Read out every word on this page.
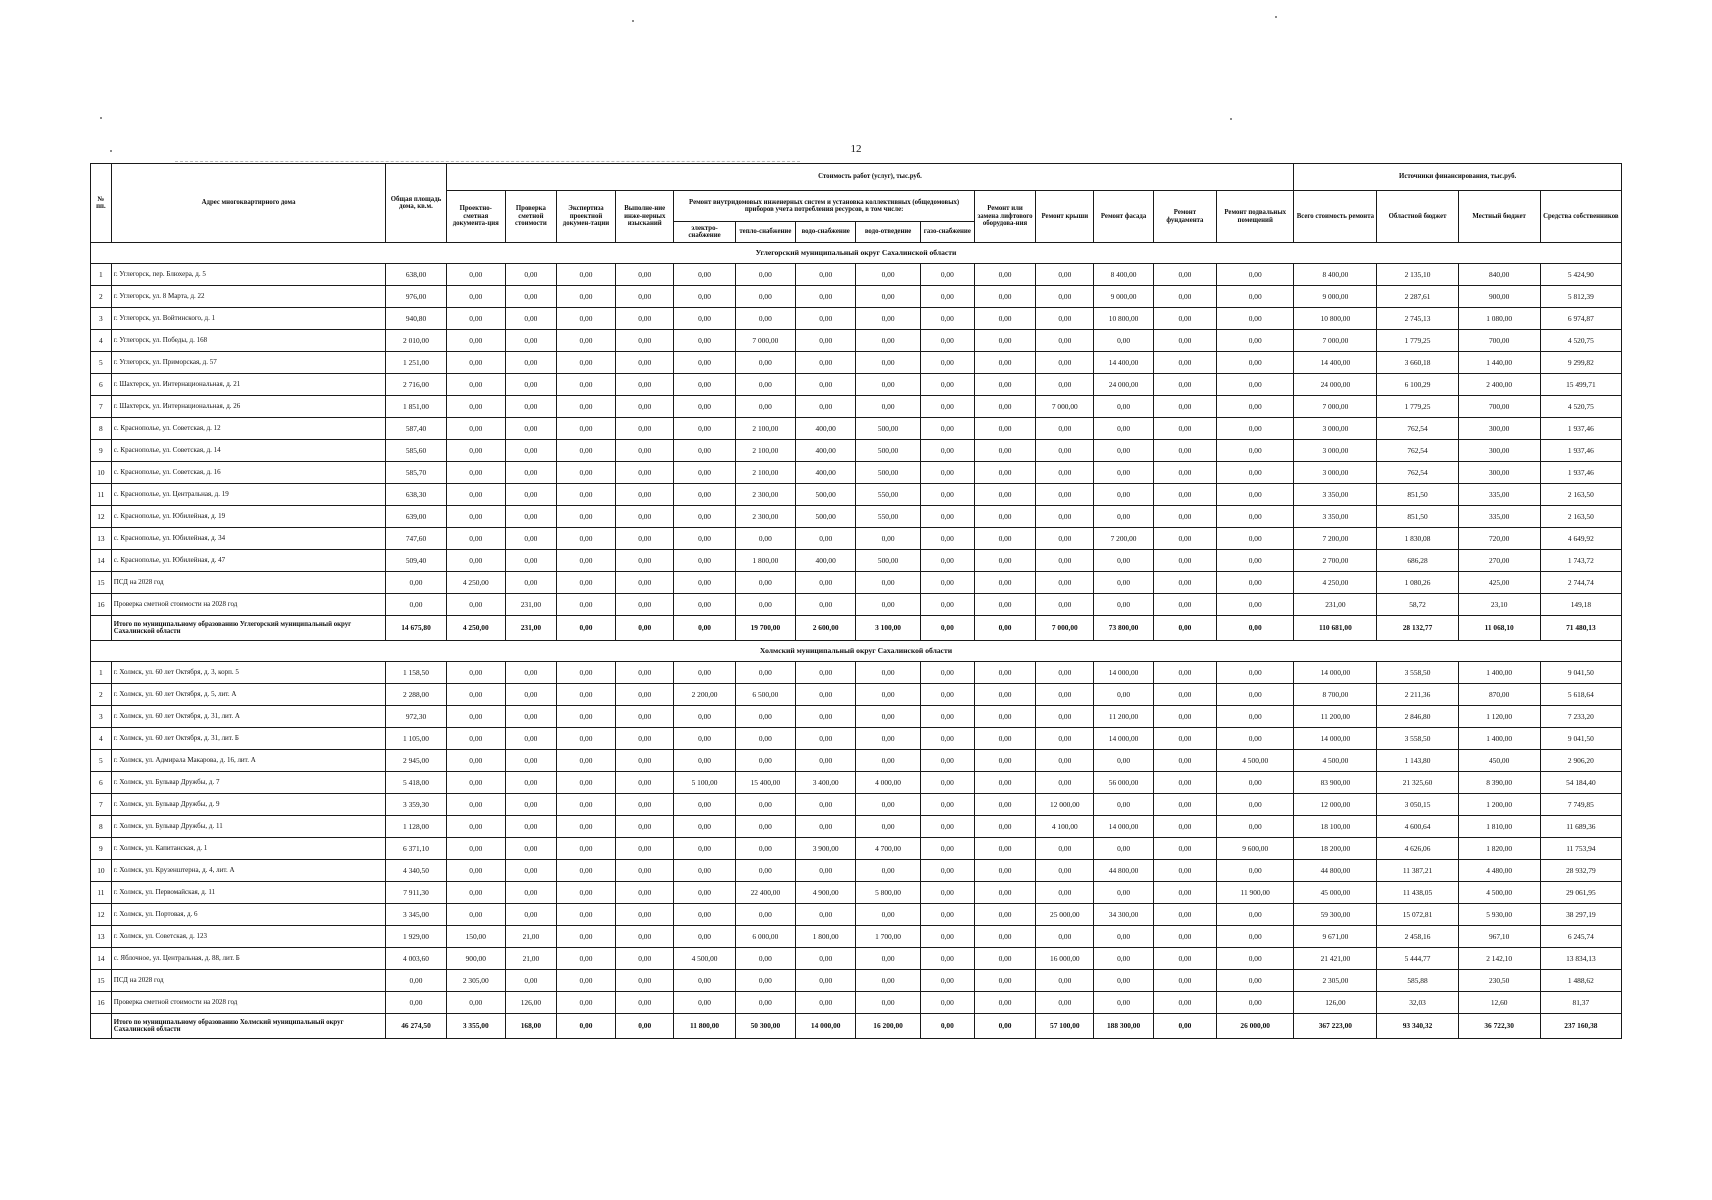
12
№ пп.	Адрес многоквартирного дома	Общая площадь дома, кв.м.	Стоимость работ (услуг), тыс.руб.														Источники финансирования, тыс.руб.			
			Проектно-сметная документа-ция	Проверка сметной стоимости	Экспертиза проектной докумен-тации	Выполне-ние инже-нерных изысканий	Ремонт внутридомовых инженерных систем и установка коллективных (общедомовых) приборов учета потребления ресурсов, в том числе:					Ремонт или замена лифтового оборудова-ния	Ремонт крыши	Ремонт фасада	Ремонт фундамента	Ремонт подвальных помещений	Всего стоимость ремонта	Областной бюджет	Местный бюджет	Средства собственников
							электро-снабжение	тепло-снабжение	водо-снабжение	водо-отведение	газо-снабжение									
Углегорский муниципальный округ Сахалинской области																				
1	г. Углегорск, пер. Блюхера, д. 5	638,00	0,00	0,00	0,00	0,00	0,00	0,00	0,00	0,00	0,00	0,00	0,00	8 400,00	0,00	0,00	8 400,00	2 135,10	840,00	5 424,90
2	г. Углегорск, ул. 8 Марта, д. 22	976,00	0,00	0,00	0,00	0,00	0,00	0,00	0,00	0,00	0,00	0,00	0,00	9 000,00	0,00	0,00	9 000,00	2 287,61	900,00	5 812,39
3	г. Углегорск, ул. Войтинского, д. 1	940,80	0,00	0,00	0,00	0,00	0,00	0,00	0,00	0,00	0,00	0,00	0,00	10 800,00	0,00	0,00	10 800,00	2 745,13	1 080,00	6 974,87
4	г. Углегорск, ул. Победы, д. 168	2 010,00	0,00	0,00	0,00	0,00	0,00	7 000,00	0,00	0,00	0,00	0,00	0,00	0,00	0,00	0,00	7 000,00	1 779,25	700,00	4 520,75
5	г. Углегорск, ул. Приморская, д. 57	1 251,00	0,00	0,00	0,00	0,00	0,00	0,00	0,00	0,00	0,00	0,00	0,00	14 400,00	0,00	0,00	14 400,00	3 660,18	1 440,00	9 299,82
6	г. Шахтерск, ул. Интернациональная, д. 21	2 716,00	0,00	0,00	0,00	0,00	0,00	0,00	0,00	0,00	0,00	0,00	0,00	24 000,00	0,00	0,00	24 000,00	6 100,29	2 400,00	15 499,71
7	г. Шахтерск, ул. Интернациональная, д. 26	1 851,00	0,00	0,00	0,00	0,00	0,00	0,00	0,00	0,00	0,00	0,00	7 000,00	0,00	0,00	0,00	7 000,00	1 779,25	700,00	4 520,75
8	с. Краснополье, ул. Советская, д. 12	587,40	0,00	0,00	0,00	0,00	0,00	2 100,00	400,00	500,00	0,00	0,00	0,00	0,00	0,00	0,00	3 000,00	762,54	300,00	1 937,46
9	с. Краснополье, ул. Советская, д. 14	585,60	0,00	0,00	0,00	0,00	0,00	2 100,00	400,00	500,00	0,00	0,00	0,00	0,00	0,00	0,00	3 000,00	762,54	300,00	1 937,46
10	с. Краснополье, ул. Советская, д. 16	585,70	0,00	0,00	0,00	0,00	0,00	2 100,00	400,00	500,00	0,00	0,00	0,00	0,00	0,00	0,00	3 000,00	762,54	300,00	1 937,46
11	с. Краснополье, ул. Центральная, д. 19	638,30	0,00	0,00	0,00	0,00	0,00	2 300,00	500,00	550,00	0,00	0,00	0,00	0,00	0,00	0,00	3 350,00	851,50	335,00	2 163,50
12	с. Краснополье, ул. Юбилейная, д. 19	639,00	0,00	0,00	0,00	0,00	0,00	2 300,00	500,00	550,00	0,00	0,00	0,00	0,00	0,00	0,00	3 350,00	851,50	335,00	2 163,50
13	с. Краснополье, ул. Юбилейная, д. 34	747,60	0,00	0,00	0,00	0,00	0,00	0,00	0,00	0,00	0,00	0,00	0,00	7 200,00	0,00	0,00	7 200,00	1 830,08	720,00	4 649,92
14	с. Краснополье, ул. Юбилейная, д. 47	509,40	0,00	0,00	0,00	0,00	0,00	1 800,00	400,00	500,00	0,00	0,00	0,00	0,00	0,00	0,00	2 700,00	686,28	270,00	1 743,72
15	ПСД на 2028 год	0,00	4 250,00	0,00	0,00	0,00	0,00	0,00	0,00	0,00	0,00	0,00	0,00	0,00	0,00	0,00	4 250,00	1 080,26	425,00	2 744,74
16	Проверка сметной стоимости на 2028 год	0,00	0,00	231,00	0,00	0,00	0,00	0,00	0,00	0,00	0,00	0,00	0,00	0,00	0,00	0,00	231,00	58,72	23,10	149,18
	Итого по муниципальному образованию Углегорский муниципальный округ Сахалинской области	14 675,80	4 250,00	231,00	0,00	0,00	0,00	19 700,00	2 600,00	3 100,00	0,00	0,00	7 000,00	73 800,00	0,00	0,00	110 681,00	28 132,77	11 068,10	71 480,13
Холмский муниципальный округ Сахалинской области																				
1	г. Холмск, ул. 60 лет Октября, д. 3, корп. 5	1 158,50	0,00	0,00	0,00	0,00	0,00	0,00	0,00	0,00	0,00	0,00	0,00	14 000,00	0,00	0,00	14 000,00	3 558,50	1 400,00	9 041,50
2	г. Холмск, ул. 60 лет Октября, д. 5, лит. А	2 288,00	0,00	0,00	0,00	0,00	2 200,00	6 500,00	0,00	0,00	0,00	0,00	0,00	0,00	0,00	0,00	8 700,00	2 211,36	870,00	5 618,64
3	г. Холмск, ул. 60 лет Октября, д. 31, лит. А	972,30	0,00	0,00	0,00	0,00	0,00	0,00	0,00	0,00	0,00	0,00	0,00	11 200,00	0,00	0,00	11 200,00	2 846,80	1 120,00	7 233,20
4	г. Холмск, ул. 60 лет Октября, д. 31, лит. Б	1 105,00	0,00	0,00	0,00	0,00	0,00	0,00	0,00	0,00	0,00	0,00	0,00	14 000,00	0,00	0,00	14 000,00	3 558,50	1 400,00	9 041,50
5	г. Холмск, ул. Адмирала Макарова, д. 16, лит. А	2 945,00	0,00	0,00	0,00	0,00	0,00	0,00	0,00	0,00	0,00	0,00	0,00	0,00	0,00	4 500,00	4 500,00	1 143,80	450,00	2 906,20
6	г. Холмск, ул. Бульвар Дружбы, д. 7	5 418,00	0,00	0,00	0,00	0,00	5 100,00	15 400,00	3 400,00	4 000,00	0,00	0,00	0,00	56 000,00	0,00	0,00	83 900,00	21 325,60	8 390,00	54 184,40
7	г. Холмск, ул. Бульвар Дружбы, д. 9	3 359,30	0,00	0,00	0,00	0,00	0,00	0,00	0,00	0,00	0,00	0,00	12 000,00	0,00	0,00	0,00	12 000,00	3 050,15	1 200,00	7 749,85
8	г. Холмск, ул. Бульвар Дружбы, д. 11	1 128,00	0,00	0,00	0,00	0,00	0,00	0,00	0,00	0,00	0,00	0,00	4 100,00	14 000,00	0,00	0,00	18 100,00	4 600,64	1 810,00	11 689,36
9	г. Холмск, ул. Капитанская, д. 1	6 371,10	0,00	0,00	0,00	0,00	0,00	0,00	3 900,00	4 700,00	0,00	0,00	0,00	0,00	0,00	9 600,00	18 200,00	4 626,06	1 820,00	11 753,94
10	г. Холмск, ул. Крузенштерна, д. 4, лит. А	4 340,50	0,00	0,00	0,00	0,00	0,00	0,00	0,00	0,00	0,00	0,00	0,00	44 800,00	0,00	0,00	44 800,00	11 387,21	4 480,00	28 932,79
11	г. Холмск, ул. Первомайская, д. 11	7 911,30	0,00	0,00	0,00	0,00	0,00	22 400,00	4 900,00	5 800,00	0,00	0,00	0,00	0,00	0,00	11 900,00	45 000,00	11 438,05	4 500,00	29 061,95
12	г. Холмск, ул. Портовая, д. 6	3 345,00	0,00	0,00	0,00	0,00	0,00	0,00	0,00	0,00	0,00	0,00	25 000,00	34 300,00	0,00	0,00	59 300,00	15 072,81	5 930,00	38 297,19
13	г. Холмск, ул. Советская, д. 123	1 929,00	150,00	21,00	0,00	0,00	0,00	6 000,00	1 800,00	1 700,00	0,00	0,00	0,00	0,00	0,00	0,00	9 671,00	2 458,16	967,10	6 245,74
14	с. Яблочное, ул. Центральная, д. 88, лит. Б	4 003,60	900,00	21,00	0,00	0,00	4 500,00	0,00	0,00	0,00	0,00	0,00	16 000,00	0,00	0,00	0,00	21 421,00	5 444,77	2 142,10	13 834,13
15	ПСД на 2028 год	0,00	2 305,00	0,00	0,00	0,00	0,00	0,00	0,00	0,00	0,00	0,00	0,00	0,00	0,00	0,00	2 305,00	585,88	230,50	1 488,62
16	Проверка сметной стоимости на 2028 год	0,00	0,00	126,00	0,00	0,00	0,00	0,00	0,00	0,00	0,00	0,00	0,00	0,00	0,00	0,00	126,00	32,03	12,60	81,37
	Итого по муниципальному образованию Холмский муниципальный округ Сахалинской области	46 274,50	3 355,00	168,00	0,00	0,00	11 800,00	50 300,00	14 000,00	16 200,00	0,00	0,00	57 100,00	188 300,00	0,00	26 000,00	367 223,00	93 340,32	36 722,30	237 160,38
